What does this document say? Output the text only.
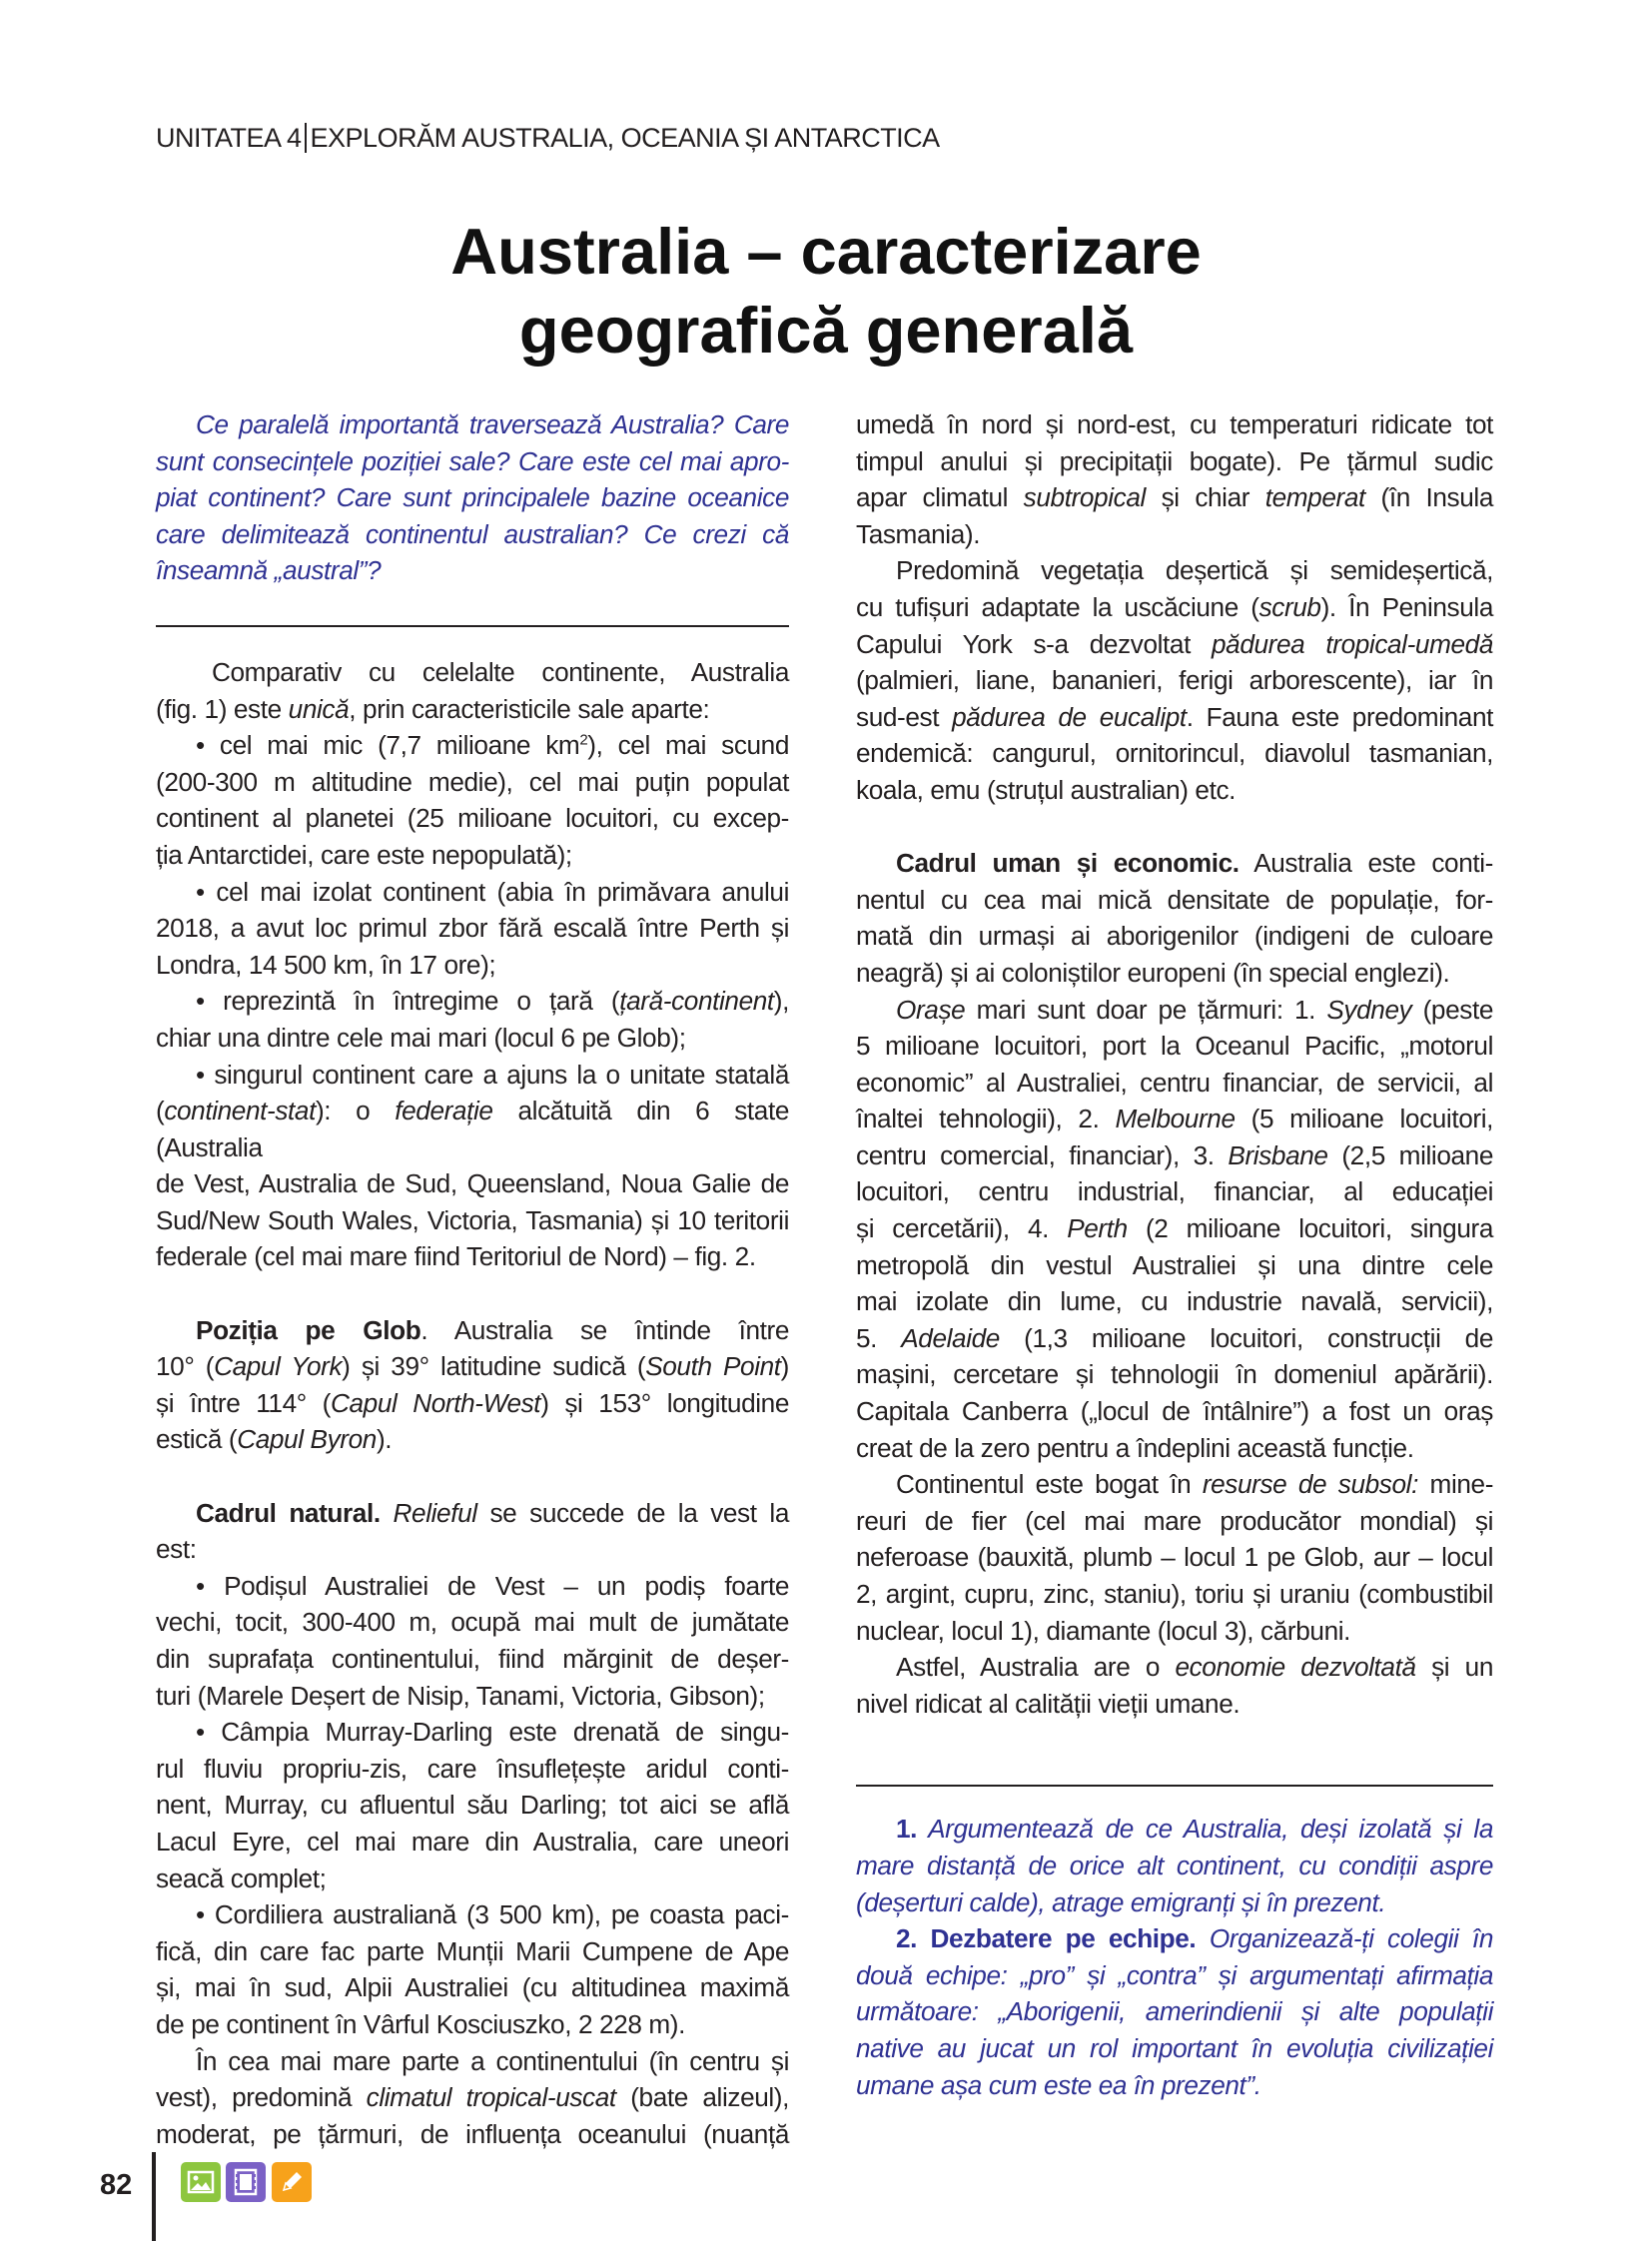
UNITATEA 4 EXPLORĂM AUSTRALIA, OCEANIA ȘI ANTARCTICA
Australia – caracterizare
geografică generală

Ce paralelă importantă traversează Australia? Care

sunt consecințele poziției sale? Care este cel mai apro-

piat continent? Care sunt principalele bazine oceanice

care delimitează continentul australian? Ce crezi că

înseamnă „austral”?

Comparativ cu celelalte continente, Australia

(fig. 1) este unică, prin caracteristicile sale aparte:

• cel mai mic (7,7 milioane $km^2$), cel mai scund

(200-300 m altitudine medie), cel mai puțin populat

continent al planetei (25 milioane locuitori, cu excep-

ția Antarctidei, care este nepopulată);

• cel mai izolat continent (abia în primăvara anului

2018, a avut loc primul zbor fără escală între Perth și

Londra, 14 500 km, în 17 ore);

• reprezintă în întregime o țară (țară-continent),

chiar una dintre cele mai mari (locul 6 pe Glob);

• singurul continent care a ajuns la o unitate statală

(continent-stat): o federație alcătuită din 6 state (Australia

de Vest, Australia de Sud, Queensland, Noua Galie de

Sud/New South Wales, Victoria, Tasmania) și 10 teritorii

federale (cel mai mare fiind Teritoriul de Nord) – fig. 2.

Poziția pe Glob. Australia se întinde între

10° (Capul York) și 39° latitudine sudică (South Point)

și între 114° (Capul North-West) și 153° longitudine

estică (Capul Byron).

Cadrul natural. Relieful se succede de la vest la est:

• Podișul Australiei de Vest – un podiș foarte

vechi, tocit, 300-400 m, ocupă mai mult de jumătate

din suprafața continentului, fiind mărginit de deșer-

turi (Marele Deșert de Nisip, Tanami, Victoria, Gibson);

• Câmpia Murray-Darling este drenată de singu-

rul fluviu propriu-zis, care însuflețește aridul conti-

nent, Murray, cu afluentul său Darling; tot aici se află

Lacul Eyre, cel mai mare din Australia, care uneori

seacă complet;

• Cordiliera australiană (3 500 km), pe coasta paci-

fică, din care fac parte Munții Marii Cumpene de Ape

și, mai în sud, Alpii Australiei (cu altitudinea maximă

de pe continent în Vârful Kosciuszko, 2 228 m).

În cea mai mare parte a continentului (în centru și

vest), predomină climatul tropical-uscat (bate alizeul),

moderat, pe țărmuri, de influența oceanului (nuanță

umedă în nord și nord-est, cu temperaturi ridicate tot

timpul anului și precipitații bogate). Pe țărmul sudic

apar climatul subtropical și chiar temperat (în Insula

Tasmania).

Predomină vegetația deșertică și semideșertică,

cu tufișuri adaptate la uscăciune (scrub). În Peninsula

Capului York s-a dezvoltat pădurea tropical-umedă

(palmieri, liane, bananieri, ferigi arborescente), iar în

sud-est pădurea de eucalipt. Fauna este predominant

endemică: cangurul, ornitorincul, diavolul tasmanian,

koala, emu (struțul australian) etc.

Cadrul uman și economic. Australia este conti-

nentul cu cea mai mică densitate de populație, for-

mată din urmași ai aborigenilor (indigeni de culoare

neagră) și ai coloniștilor europeni (în special englezi).

Orașe mari sunt doar pe țărmuri: 1. Sydney (peste

5 milioane locuitori, port la Oceanul Pacific, „motorul

economic” al Australiei, centru financiar, de servicii, al

înaltei tehnologii), 2. Melbourne (5 milioane locuitori,

centru comercial, financiar), 3. Brisbane (2,5 milioane

locuitori, centru industrial, financiar, al educației

și cercetării), 4. Perth (2 milioane locuitori, singura

metropolă din vestul Australiei și una dintre cele

mai izolate din lume, cu industrie navală, servicii),

5. Adelaide (1,3 milioane locuitori, construcții de

mașini, cercetare și tehnologii în domeniul apărării).

Capitala Canberra („locul de întâlnire”) a fost un oraș

creat de la zero pentru a îndeplini această funcție.

Continentul este bogat în resurse de subsol: mine-

reuri de fier (cel mai mare producător mondial) și

neferoase (bauxită, plumb – locul 1 pe Glob, aur – locul

2, argint, cupru, zinc, staniu), toriu și uraniu (combustibil

nuclear, locul 1), diamante (locul 3), cărbuni.

Astfel, Australia are o economie dezvoltată și un

nivel ridicat al calității vieții umane.

1. Argumentează de ce Australia, deși izolată și la

mare distanță de orice alt continent, cu condiții aspre

(deșerturi calde), atrage emigranți și în prezent.

2. Dezbatere pe echipe. Organizează-ți colegii în

două echipe: „pro” și „contra” și argumentați afirmația

următoare: „Aborigenii, amerindienii și alte populații

native au jucat un rol important în evoluția civilizației

umane așa cum este ea în prezent”.

82
